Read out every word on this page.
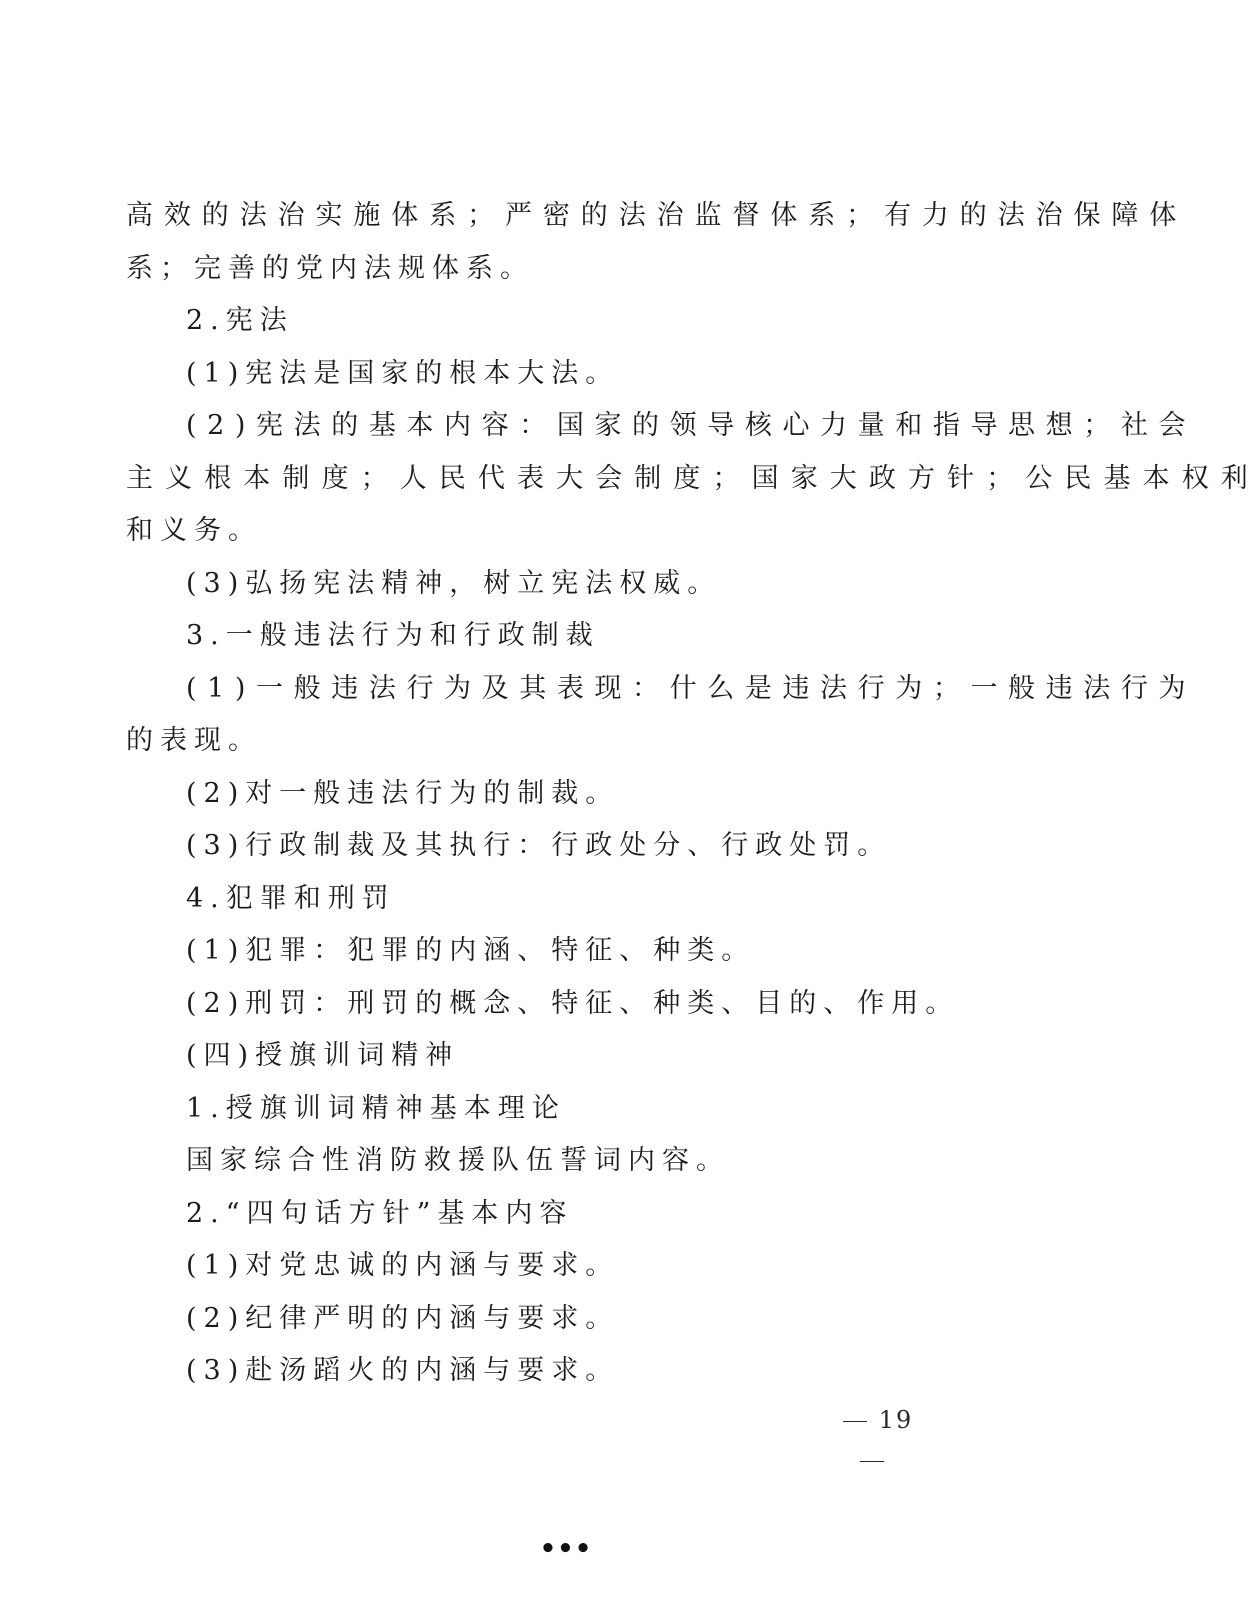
高效的法治实施体系；严密的法治监督体系；有力的法治保障体
系；完善的党内法规体系。
2.宪法
(1)宪法是国家的根本大法。
(2)宪法的基本内容：国家的领导核心力量和指导思想；社会
主义根本制度；人民代表大会制度；国家大政方针；公民基本权利
和义务。
(3)弘扬宪法精神，树立宪法权威。
3.一般违法行为和行政制裁
(1)一般违法行为及其表现：什么是违法行为；一般违法行为
的表现。
(2)对一般违法行为的制裁。
(3)行政制裁及其执行：行政处分、行政处罚。
4.犯罪和刑罚
(1)犯罪：犯罪的内涵、特征、种类。
(2)刑罚：刑罚的概念、特征、种类、目的、作用。
(四)授旗训词精神
1.授旗训词精神基本理论
国家综合性消防救援队伍誓词内容。
2.“四句话方针”基本内容
(1)对党忠诚的内涵与要求。
(2)纪律严明的内涵与要求。
(3)赴汤蹈火的内涵与要求。
19
•••
